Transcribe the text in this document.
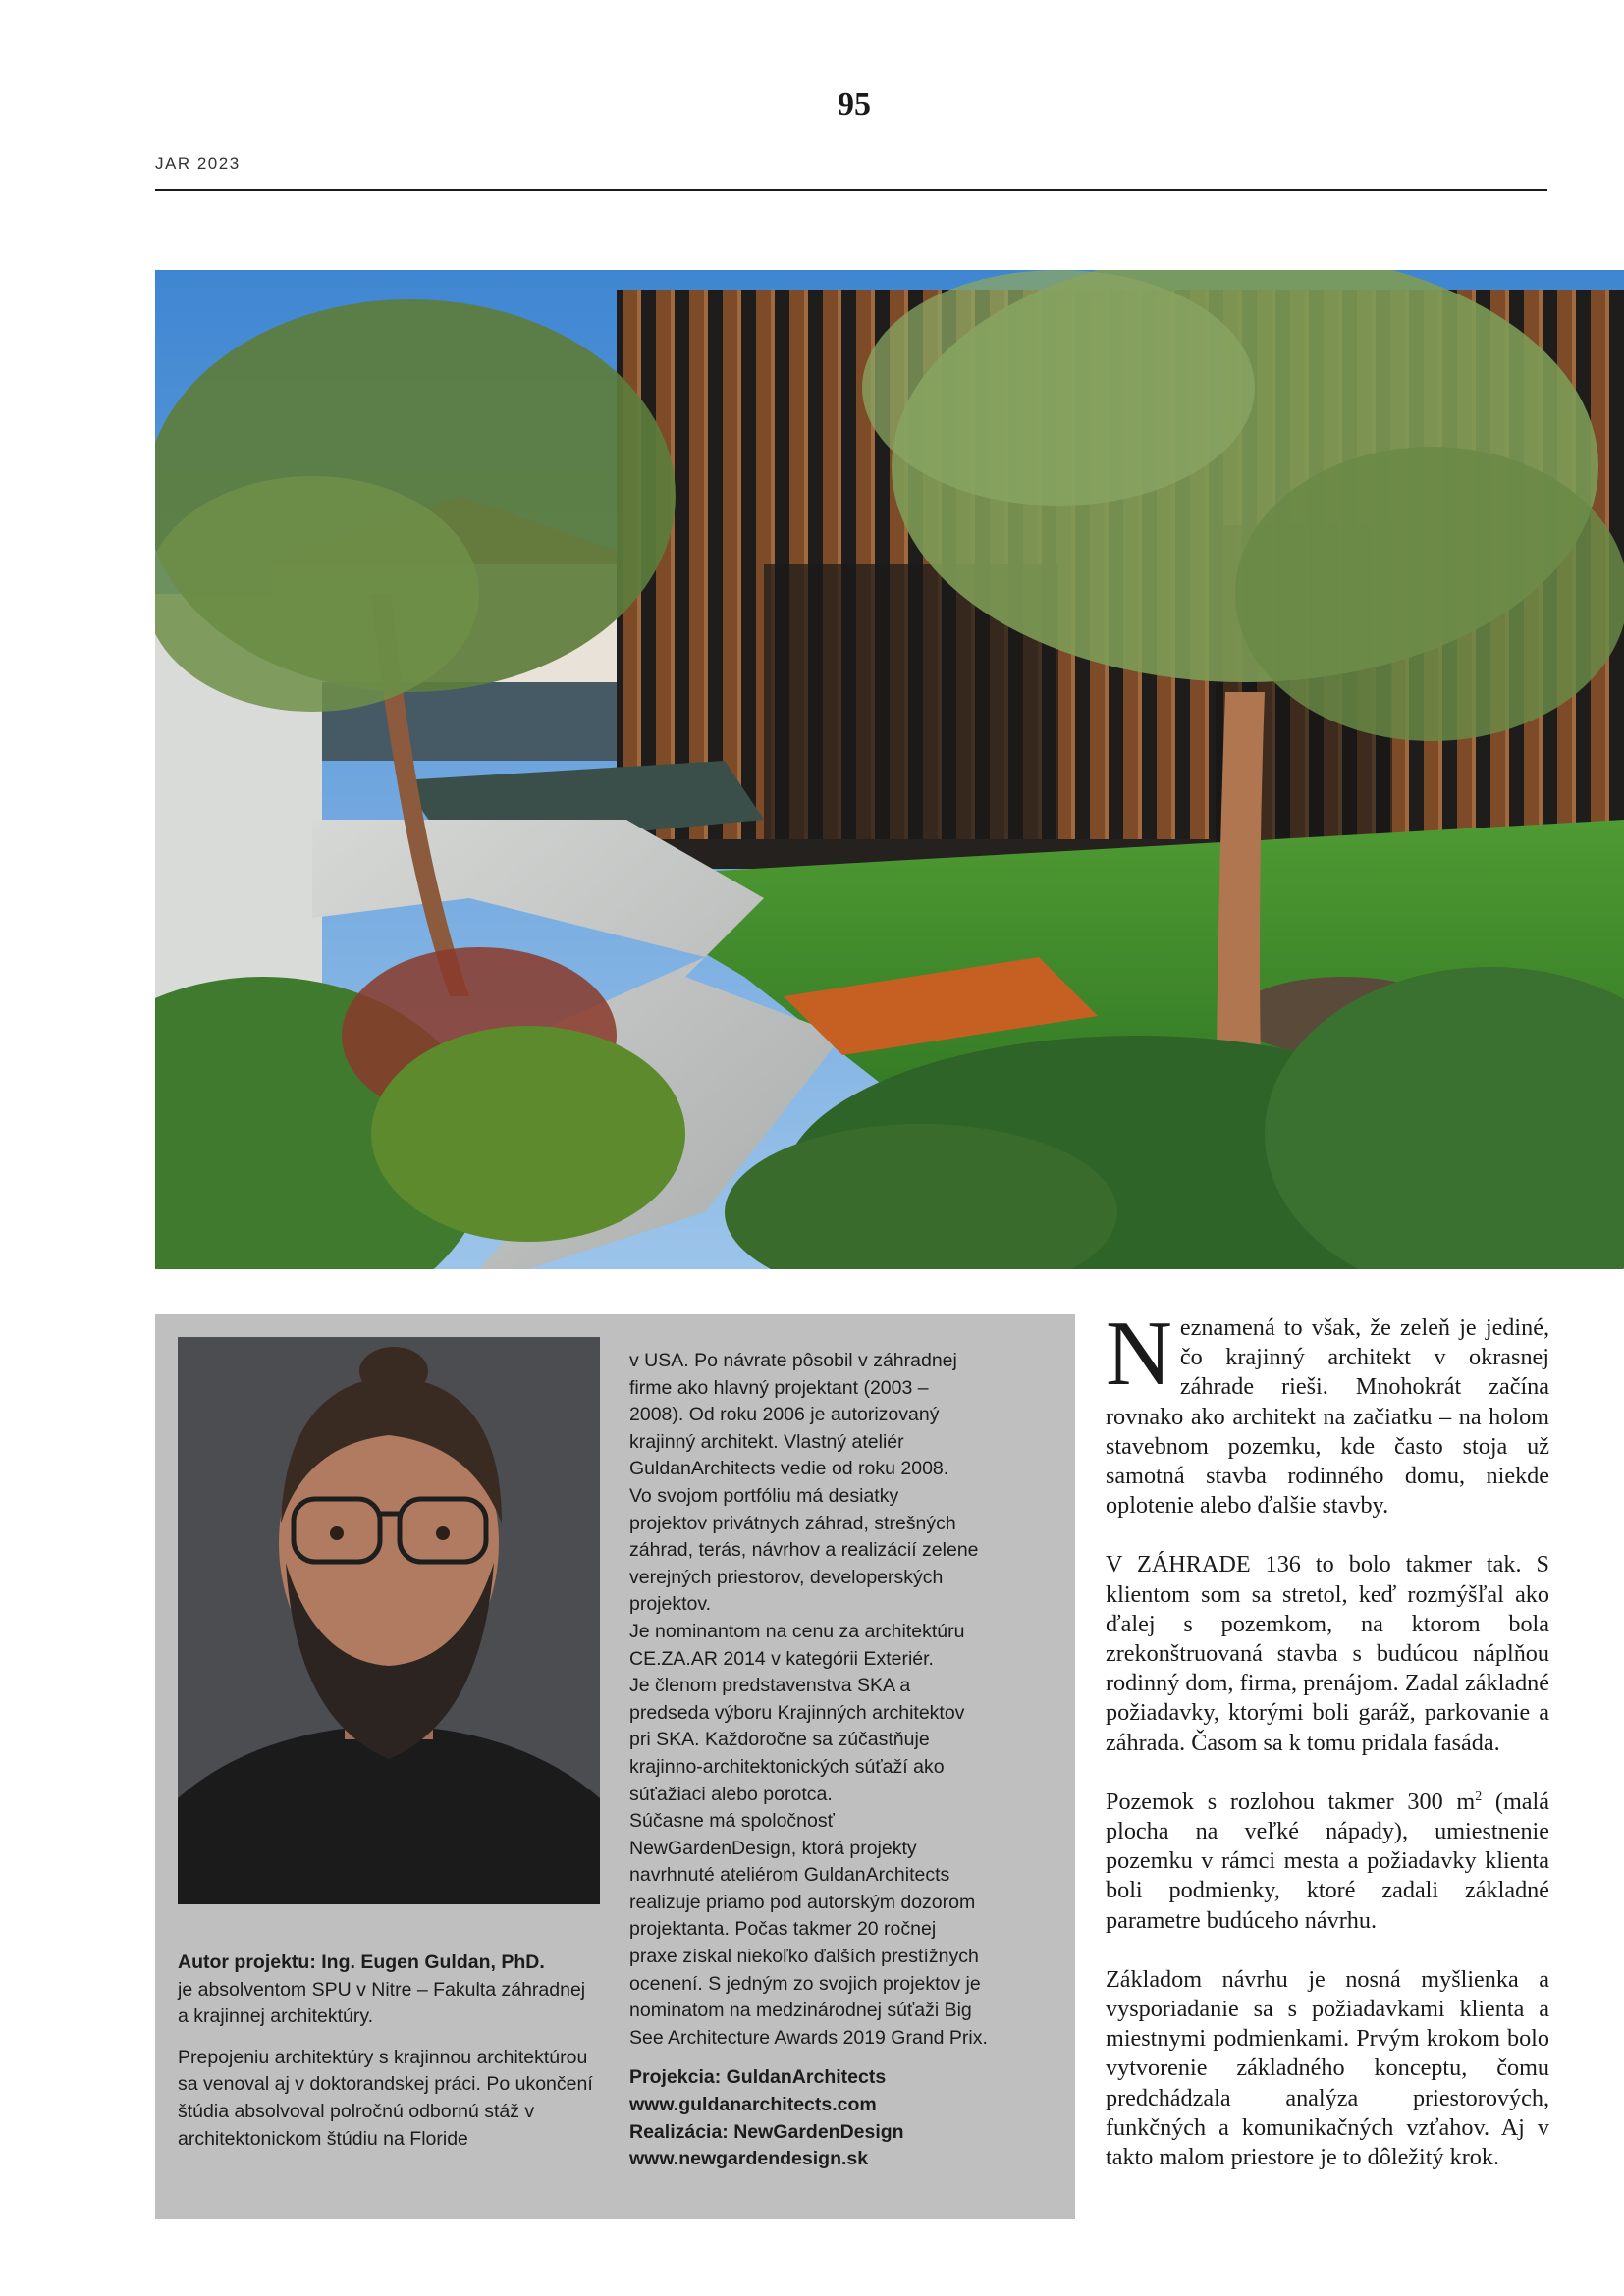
95
JAR 2023

Autor projektu: Ing. Eugen Guldan, PhD.
je absolventom SPU v Nitre – Fakulta záhradnej a krajinnej architektúry.

Prepojeniu architektúry s krajinnou architektúrou sa venoval aj v doktorandskej práci. Po ukončení štúdia absolvoval polročnú odbornú stáž v architektonickom štúdiu na Floride

v USA. Po návrate pôsobil v záhradnej
firme ako hlavný projektant (2003 –
2008). Od roku 2006 je autorizovaný
krajinný architekt. Vlastný ateliér
GuldanArchitects vedie od roku 2008.
Vo svojom portfóliu má desiatky
projektov privátnych záhrad, strešných
záhrad, terás, návrhov a realizácií zelene
verejných priestorov, developerských
projektov.
Je nominantom na cenu za architektúru
CE.ZA.AR 2014 v kategórii Exteriér.
Je členom predstavenstva SKA a
predseda výboru Krajinných architektov
pri SKA. Každoročne sa zúčastňuje
krajinno-architektonických súťaží ako
súťažiaci alebo porotca.
Súčasne má spoločnosť
NewGardenDesign, ktorá projekty
navrhnuté ateliérom GuldanArchitects
realizuje priamo pod autorským dozorom
projektanta. Počas takmer 20 ročnej
praxe získal niekoľko ďalších prestížnych
ocenení. S jedným zo svojich projektov je
nominatom na medzinárodnej súťaži Big
See Architecture Awards 2019 Grand Prix.

Projekcia: GuldanArchitects
www.guldanarchitects.com
Realizácia: NewGardenDesign
www.newgardendesign.sk

Neznamená to však, že zeleň je jediné, čo krajinný architekt v okrasnej záhrade rieši. Mnohokrát začína rovnako ako architekt na začiatku – na holom stavebnom pozemku, kde často stoja už samotná stavba rodinného domu, niekde oplotenie alebo ďalšie stavby.

V ZÁHRADE 136 to bolo takmer tak. S klientom som sa stretol, keď rozmýšľal ako ďalej s pozemkom, na ktorom bola zrekonštruovaná stavba s budúcou náplňou rodinný dom, firma, prenájom. Zadal základné požiadavky, ktorými boli garáž, parkovanie a záhrada. Časom sa k tomu pridala fasáda.

Pozemok s rozlohou takmer 300 $m^2$ (malá plocha na veľké nápady), umiestnenie pozemku v rámci mesta a požiadavky klienta boli podmienky, ktoré zadali základné parametre budúceho návrhu.

Základom návrhu je nosná myšlienka a vysporiadanie sa s požiadavkami klienta a miestnymi podmienkami. Prvým krokom bolo vytvorenie základného konceptu, čomu predchádzala analýza priestorových, funkčných a komunikačných vzťahov. Aj v takto malom priestore je to dôležitý krok.
